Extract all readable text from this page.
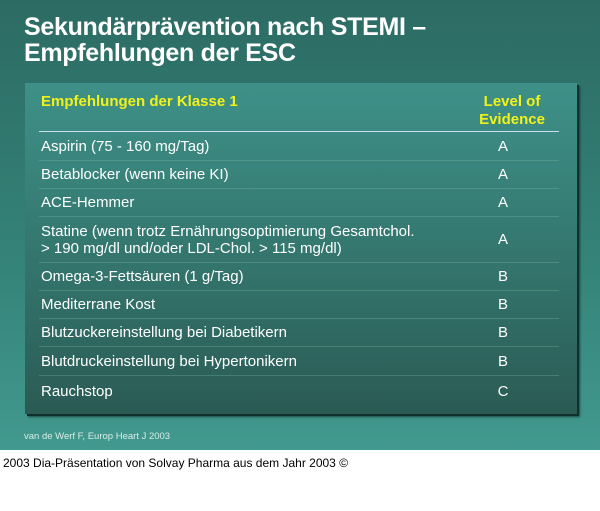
Sekundärprävention nach STEMI –
Empfehlungen der ESC
Empfehlungen der Klasse 1	Level of
Evidence
Aspirin (75 - 160 mg/Tag)	A
Betablocker (wenn keine KI)	A
ACE-Hemmer	A
Statine (wenn trotz Ernährungsoptimierung Gesamtchol.
> 190 mg/dl und/oder LDL-Chol. > 115 mg/dl)	A
Omega-3-Fettsäuren (1 g/Tag)	B
Mediterrane Kost	B
Blutzuckereinstellung bei Diabetikern	B
Blutdruckeinstellung bei Hypertonikern	B
Rauchstop	C
van de Werf F, Europ Heart J 2003
2003 Dia-Präsentation von Solvay Pharma aus dem Jahr 2003 ©
